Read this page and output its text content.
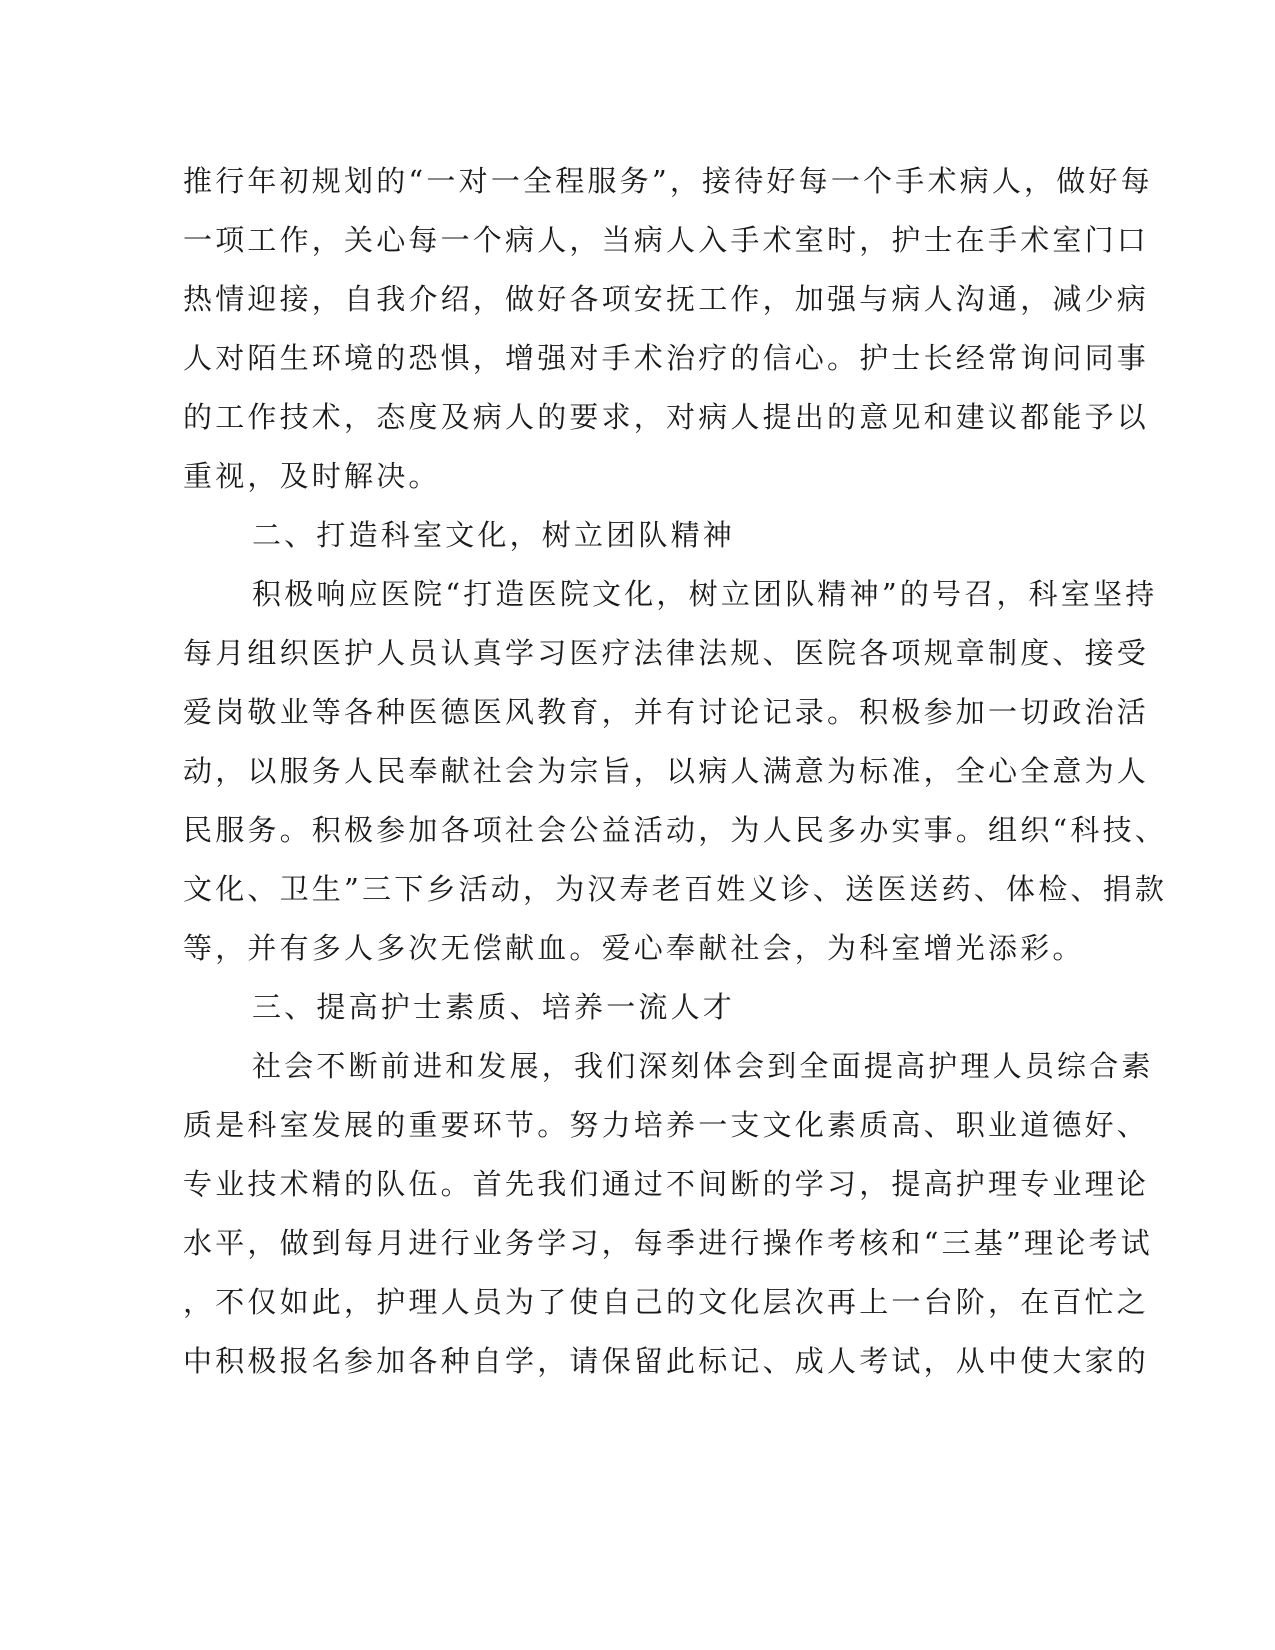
推行年初规划的“一对一全程服务”，接待好每一个手术病人，做好每
一项工作，关心每一个病人，当病人入手术室时，护士在手术室门口
热情迎接，自我介绍，做好各项安抚工作，加强与病人沟通，减少病
人对陌生环境的恐惧，增强对手术治疗的信心。护士长经常询问同事
的工作技术，态度及病人的要求，对病人提出的意见和建议都能予以
重视，及时解决。
二、打造科室文化，树立团队精神
积极响应医院“打造医院文化，树立团队精神”的号召，科室坚持
每月组织医护人员认真学习医疗法律法规、医院各项规章制度、接受
爱岗敬业等各种医德医风教育，并有讨论记录。积极参加一切政治活
动，以服务人民奉献社会为宗旨，以病人满意为标准，全心全意为人
民服务。积极参加各项社会公益活动，为人民多办实事。组织“科技、
文化、卫生”三下乡活动，为汉寿老百姓义诊、送医送药、体检、捐款
等，并有多人多次无偿献血。爱心奉献社会，为科室增光添彩。
三、提高护士素质、培养一流人才
社会不断前进和发展，我们深刻体会到全面提高护理人员综合素
质是科室发展的重要环节。努力培养一支文化素质高、职业道德好、
专业技术精的队伍。首先我们通过不间断的学习，提高护理专业理论
水平，做到每月进行业务学习，每季进行操作考核和“三基”理论考试
，不仅如此，护理人员为了使自己的文化层次再上一台阶，在百忙之
中积极报名参加各种自学，请保留此标记、成人考试，从中使大家的
